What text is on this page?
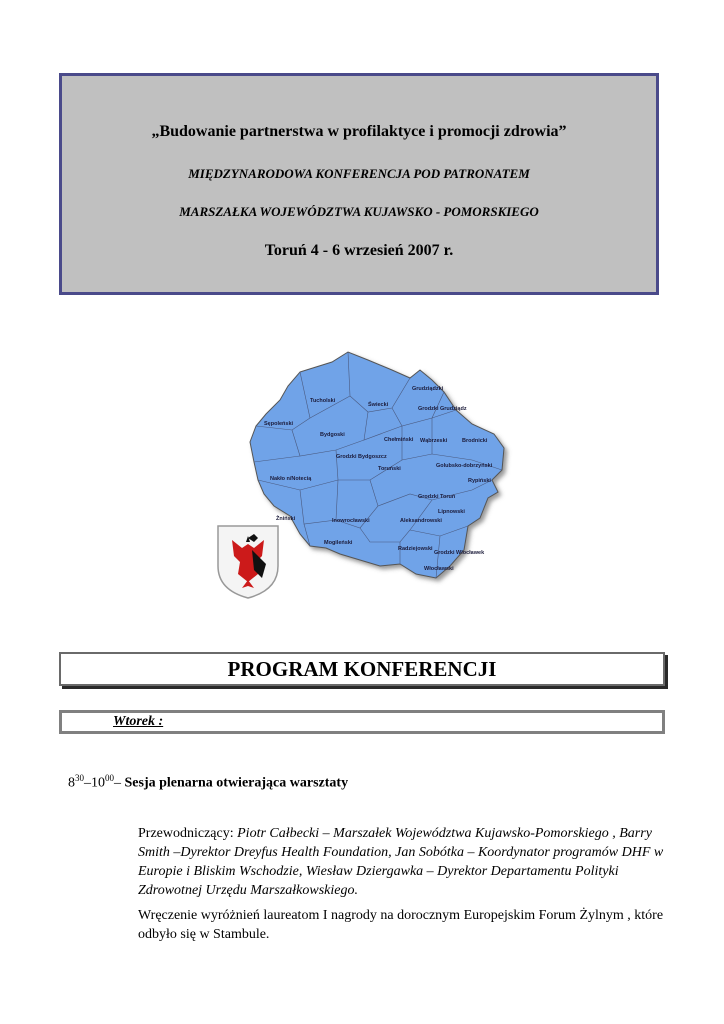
„Budowanie partnerstwa w profilaktyce i promocji zdrowia”
MIĘDZYNARODOWA KONFERENCJA POD PATRONATEM
MARSZAŁKA WOJEWÓDZTWA KUJAWSKO - POMORSKIEGO
Toruń 4 - 6 wrzesień 2007 r.
Tucholski
Świecki
Grudziądzki
Grodzki Grudziądz
Sępoleński
Bydgoski
Grodzki Bydgoszcz
Chełmiński Wąbrzeski	Brodnicki
Golubsko-dobrzyński
Rypiński
Toruński
Nakło n/Notecią
Grodzki Toruń
Lipnowski
Żniński	Inowrocławski	Aleksandrowski
Mogileński
Radziejowski
Grodzki Włocławek
Włocławski
PROGRAM KONFERENCJI
Wtorek :
$8^{30}-10^{00}-$ Sesja plenarna otwierająca warsztaty
Przewodniczący: Piotr Całbecki – Marszałek Województwa Kujawsko-Pomorskiego , Barry Smith –Dyrektor Dreyfus Health Foundation, Jan Sobótka – Koordynator programów DHF w Europie i Bliskim Wschodzie, Wiesław Dziergawka – Dyrektor Departamentu Polityki Zdrowotnej Urzędu Marszałkowskiego.
Wręczenie wyróżnień laureatom I nagrody na dorocznym Europejskim Forum Żylnym , które odbyło się w Stambule.
